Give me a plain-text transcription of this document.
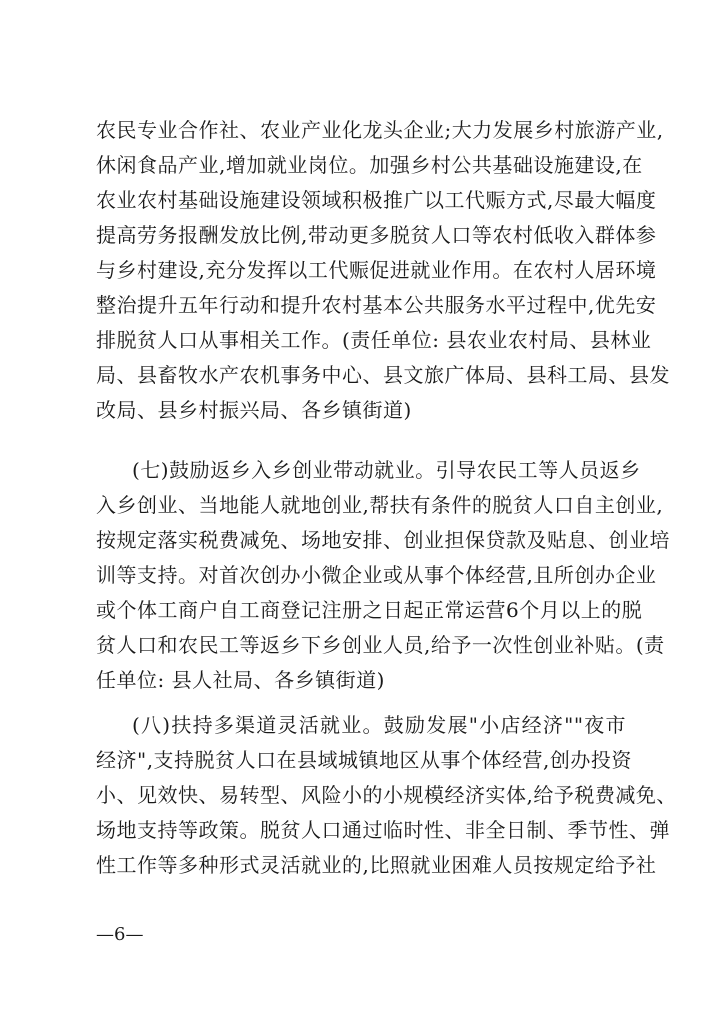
农民专业合作社、农业产业化龙头企业;大力发展乡村旅游产业,
休闲食品产业,增加就业岗位。加强乡村公共基础设施建设,在
农业农村基础设施建设领域积极推广以工代赈方式,尽最大幅度
提高劳务报酬发放比例,带动更多脱贫人口等农村低收入群体参
与乡村建设,充分发挥以工代赈促进就业作用。在农村人居环境
整治提升五年行动和提升农村基本公共服务水平过程中,优先安
排脱贫人口从事相关工作。(责任单位: 县农业农村局、县林业
局、县畜牧水产农机事务中心、县文旅广体局、县科工局、县发
改局、县乡村振兴局、各乡镇街道)
(七)鼓励返乡入乡创业带动就业。引导农民工等人员返乡
入乡创业、当地能人就地创业,帮扶有条件的脱贫人口自主创业,
按规定落实税费减免、场地安排、创业担保贷款及贴息、创业培
训等支持。对首次创办小微企业或从事个体经营,且所创办企业
或个体工商户自工商登记注册之日起正常运营6个月以上的脱
贫人口和农民工等返乡下乡创业人员,给予一次性创业补贴。(责
任单位: 县人社局、各乡镇街道)
(八)扶持多渠道灵活就业。鼓励发展"小店经济""夜市
经济",支持脱贫人口在县域城镇地区从事个体经营,创办投资
小、见效快、易转型、风险小的小规模经济实体,给予税费减免、
场地支持等政策。脱贫人口通过临时性、非全日制、季节性、弹
性工作等多种形式灵活就业的,比照就业困难人员按规定给予社
—6—
